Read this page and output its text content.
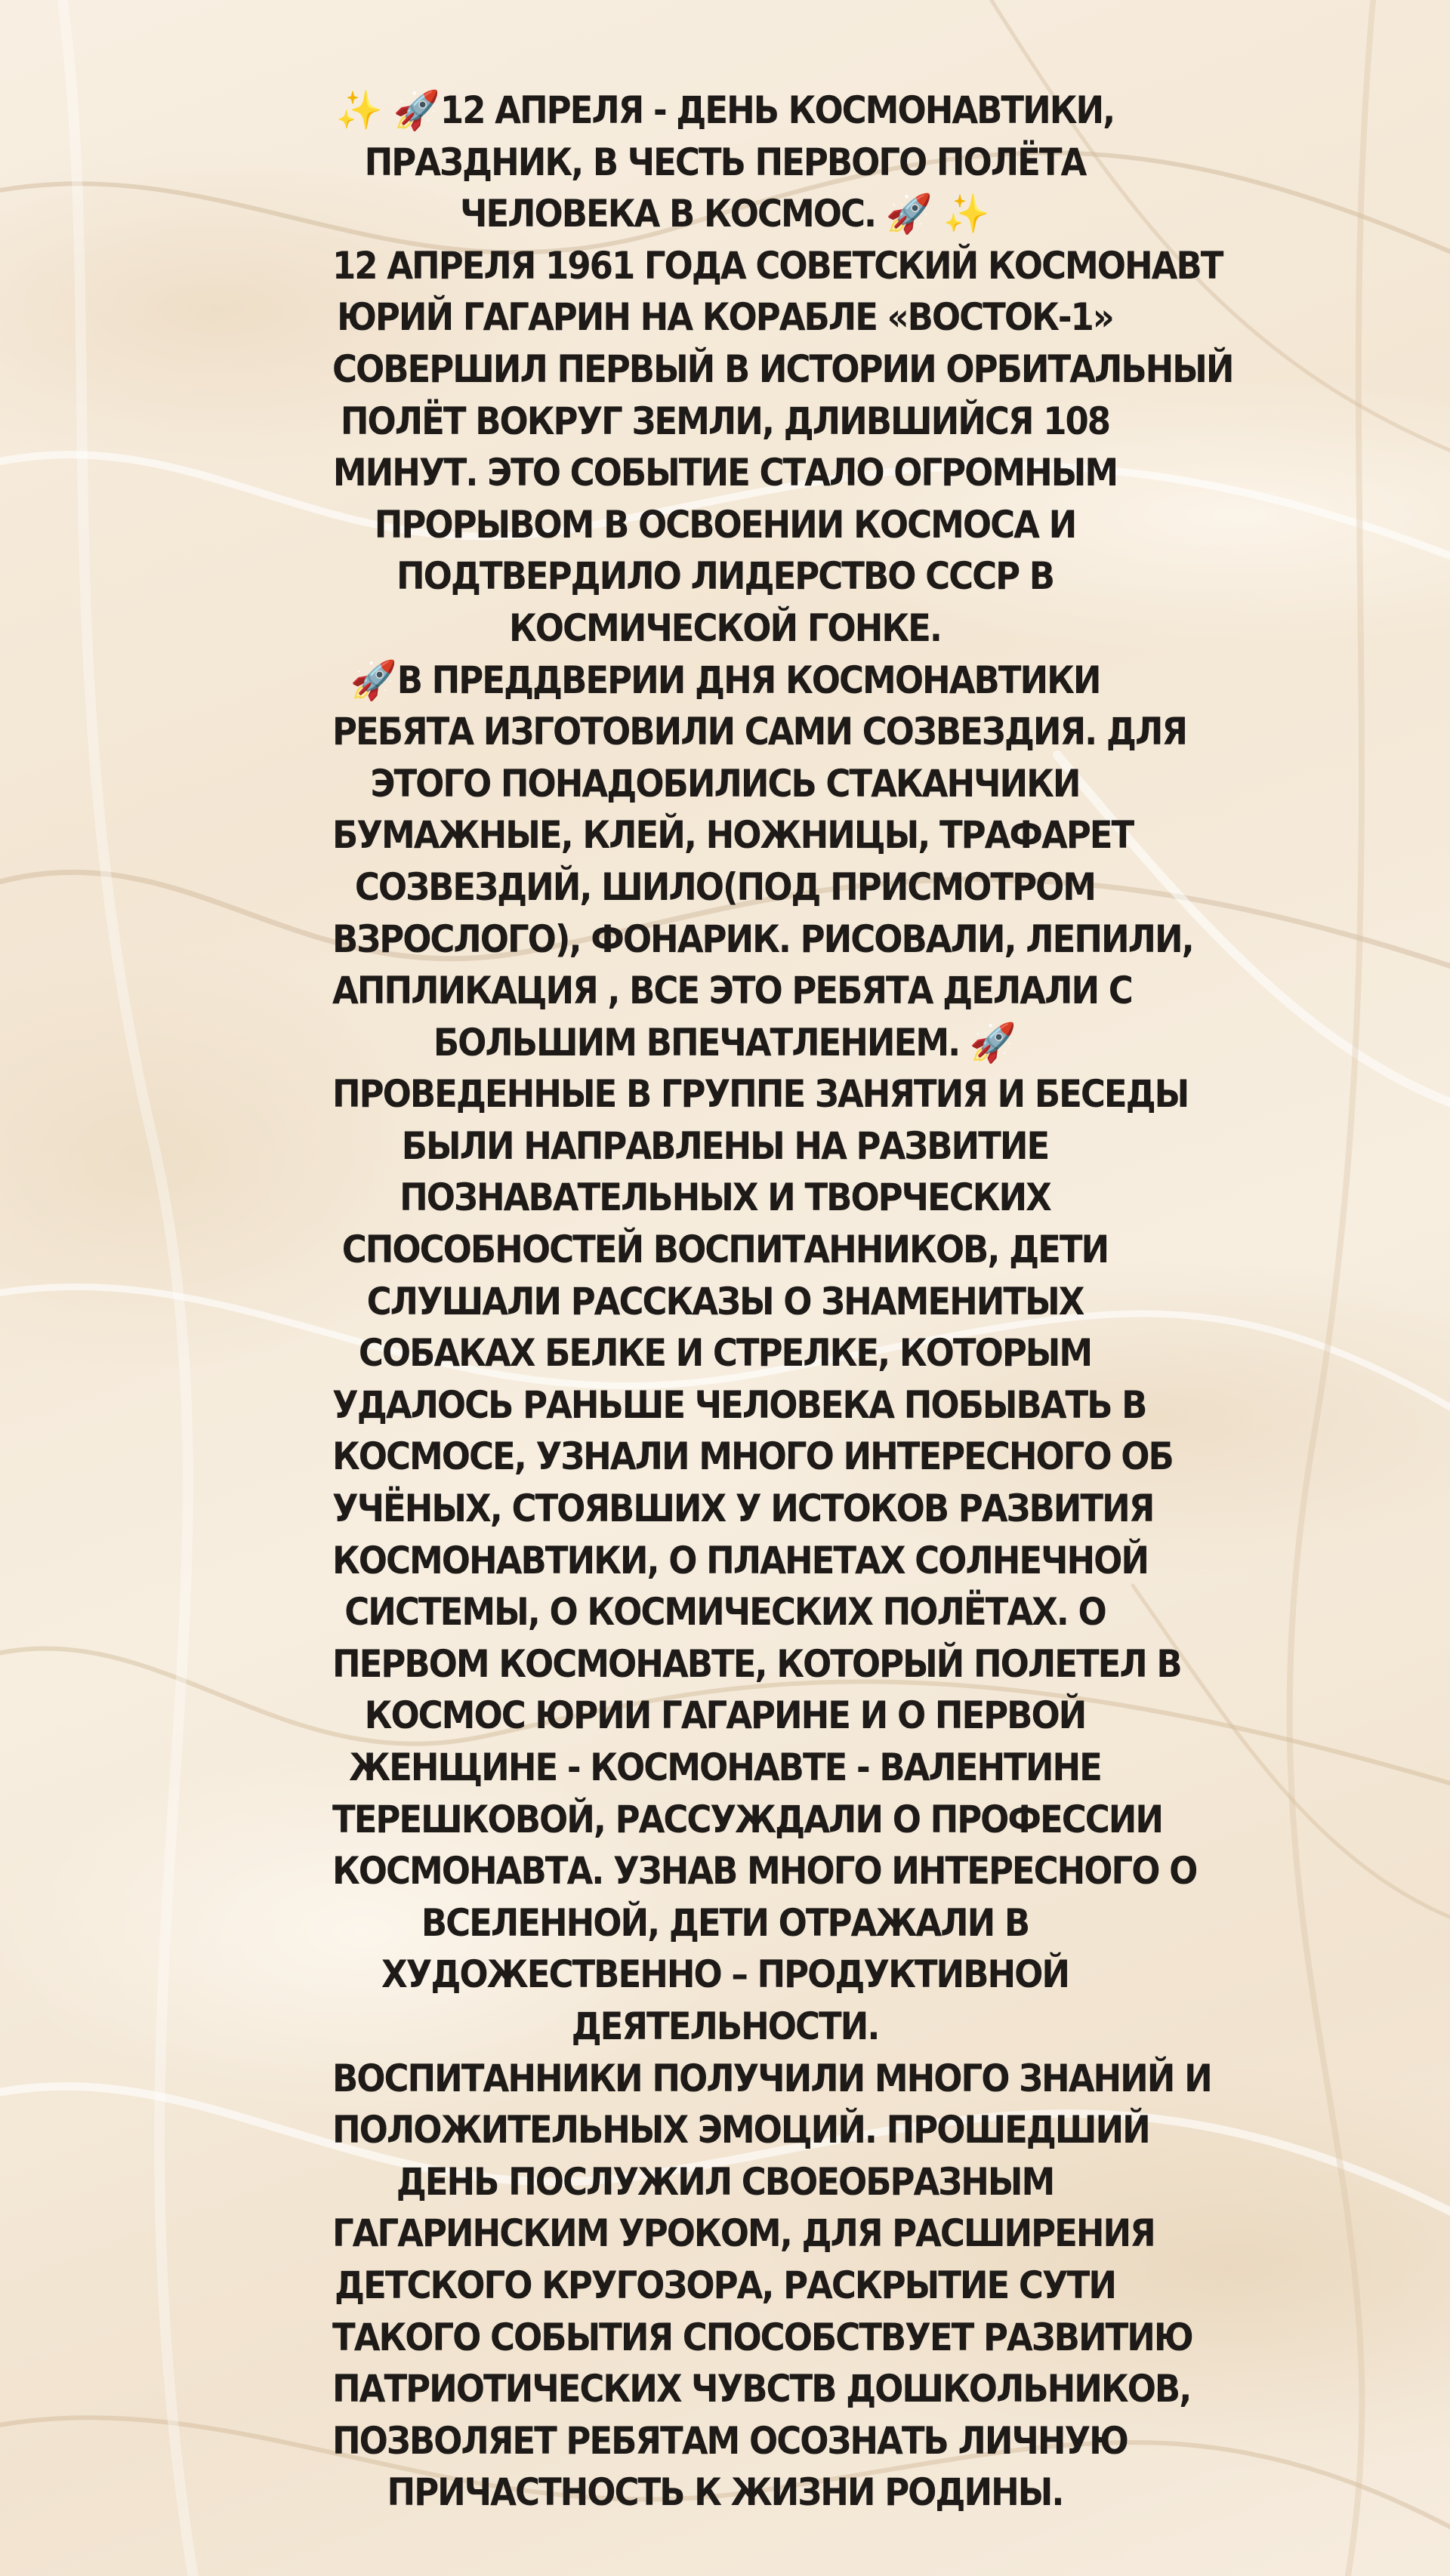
✨ 🚀12 АПРЕЛЯ - ДЕНЬ КОСМОНАВТИКИ,
ПРАЗДНИК, В ЧЕСТЬ ПЕРВОГО ПОЛЁТА
ЧЕЛОВЕКА В КОСМОС. 🚀 ✨
12 АПРЕЛЯ 1961 ГОДА СОВЕТСКИЙ КОСМОНАВТ
ЮРИЙ ГАГАРИН НА КОРАБЛЕ «ВОСТОК-1»
СОВЕРШИЛ ПЕРВЫЙ В ИСТОРИИ ОРБИТАЛЬНЫЙ
ПОЛЁТ ВОКРУГ ЗЕМЛИ, ДЛИВШИЙСЯ 108
МИНУТ. ЭТО СОБЫТИЕ СТАЛО ОГРОМНЫМ
ПРОРЫВОМ В ОСВОЕНИИ КОСМОСА И
ПОДТВЕРДИЛО ЛИДЕРСТВО СССР В
КОСМИЧЕСКОЙ ГОНКЕ.
🚀В ПРЕДДВЕРИИ ДНЯ КОСМОНАВТИКИ
РЕБЯТА ИЗГОТОВИЛИ САМИ СОЗВЕЗДИЯ. ДЛЯ
ЭТОГО ПОНАДОБИЛИСЬ СТАКАНЧИКИ
БУМАЖНЫЕ, КЛЕЙ, НОЖНИЦЫ, ТРАФАРЕТ
СОЗВЕЗДИЙ, ШИЛО(ПОД ПРИСМОТРОМ
ВЗРОСЛОГО), ФОНАРИК. РИСОВАЛИ, ЛЕПИЛИ,
АППЛИКАЦИЯ , ВСЕ ЭТО РЕБЯТА ДЕЛАЛИ С
БОЛЬШИМ ВПЕЧАТЛЕНИЕМ. 🚀
ПРОВЕДЕННЫЕ В ГРУППЕ ЗАНЯТИЯ И БЕСЕДЫ
БЫЛИ НАПРАВЛЕНЫ НА РАЗВИТИЕ
ПОЗНАВАТЕЛЬНЫХ И ТВОРЧЕСКИХ
СПОСОБНОСТЕЙ ВОСПИТАННИКОВ, ДЕТИ
СЛУШАЛИ РАССКАЗЫ О ЗНАМЕНИТЫХ
СОБАКАХ БЕЛКЕ И СТРЕЛКЕ, КОТОРЫМ
УДАЛОСЬ РАНЬШЕ ЧЕЛОВЕКА ПОБЫВАТЬ В
КОСМОСЕ, УЗНАЛИ МНОГО ИНТЕРЕСНОГО ОБ
УЧЁНЫХ, СТОЯВШИХ У ИСТОКОВ РАЗВИТИЯ
КОСМОНАВТИКИ, О ПЛАНЕТАХ СОЛНЕЧНОЙ
СИСТЕМЫ, О КОСМИЧЕСКИХ ПОЛЁТАХ. О
ПЕРВОМ КОСМОНАВТЕ, КОТОРЫЙ ПОЛЕТЕЛ В
КОСМОС ЮРИИ ГАГАРИНЕ И О ПЕРВОЙ
ЖЕНЩИНЕ - КОСМОНАВТЕ - ВАЛЕНТИНЕ
ТЕРЕШКОВОЙ, РАССУЖДАЛИ О ПРОФЕССИИ
КОСМОНАВТА. УЗНАВ МНОГО ИНТЕРЕСНОГО О
ВСЕЛЕННОЙ, ДЕТИ ОТРАЖАЛИ В
ХУДОЖЕСТВЕННО – ПРОДУКТИВНОЙ
ДЕЯТЕЛЬНОСТИ.
ВОСПИТАННИКИ ПОЛУЧИЛИ МНОГО ЗНАНИЙ И
ПОЛОЖИТЕЛЬНЫХ ЭМОЦИЙ. ПРОШЕДШИЙ
ДЕНЬ ПОСЛУЖИЛ СВОЕОБРАЗНЫМ
ГАГАРИНСКИМ УРОКОМ, ДЛЯ РАСШИРЕНИЯ
ДЕТСКОГО КРУГОЗОРА, РАСКРЫТИЕ СУТИ
ТАКОГО СОБЫТИЯ СПОСОБСТВУЕТ РАЗВИТИЮ
ПАТРИОТИЧЕСКИХ ЧУВСТВ ДОШКОЛЬНИКОВ,
ПОЗВОЛЯЕТ РЕБЯТАМ ОСОЗНАТЬ ЛИЧНУЮ
ПРИЧАСТНОСТЬ К ЖИЗНИ РОДИНЫ.
